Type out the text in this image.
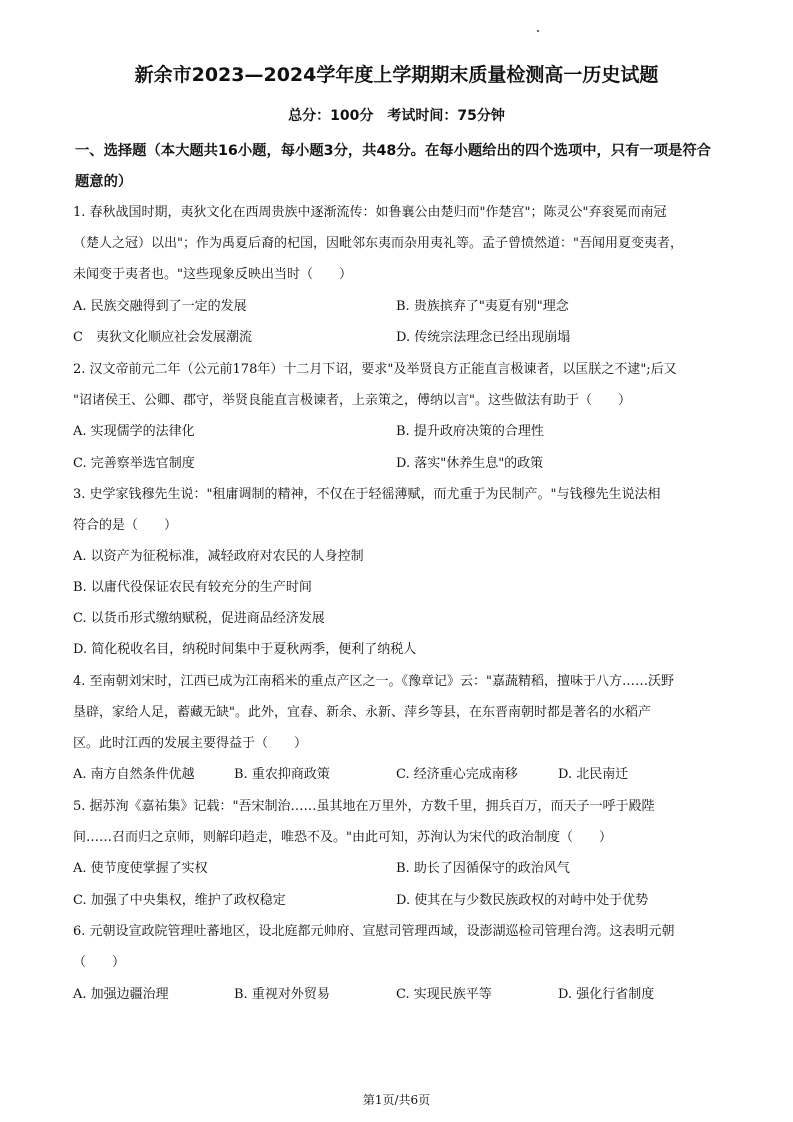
新余市2023—2024学年度上学期期末质量检测高一历史试题
总分：100分 考试时间：75分钟
一、选择题（本大题共16小题，每小题3分，共48分。在每小题给出的四个选项中，只有一项是符合题意的）
1. 春秋战国时期，夷狄文化在西周贵族中逐渐流传：如鲁襄公由楚归而"作楚宫"；陈灵公"弃衮冕而南冠
（楚人之冠）以出"；作为禹夏后裔的杞国，因毗邻东夷而杂用夷礼等。孟子曾愤然道："吾闻用夏变夷者，
未闻变于夷者也。"这些现象反映出当时（　　）
A. 民族交融得到了一定的发展	B. 贵族摈弃了"夷夏有别"理念
C　夷狄文化顺应社会发展潮流	D. 传统宗法理念已经出现崩塌
2. 汉文帝前元二年（公元前178年）十二月下诏，要求"及举贤良方正能直言极谏者，以匡朕之不逮";后又
"诏诸侯王、公卿、郡守，举贤良能直言极谏者，上亲策之，傅纳以言"。这些做法有助于（　　）
A. 实现儒学的法律化	B. 提升政府决策的合理性
C. 完善察举选官制度	D. 落实"休养生息"的政策
3. 史学家钱穆先生说："租庸调制的精神，不仅在于轻徭薄赋，而尤重于为民制产。"与钱穆先生说法相
符合的是（　　）
A. 以资产为征税标准，减轻政府对农民的人身控制
B. 以庸代役保证农民有较充分的生产时间
C. 以货币形式缴纳赋税，促进商品经济发展
D. 简化税收名目，纳税时间集中于夏秋两季，便利了纳税人
4. 至南朝刘宋时，江西已成为江南稻米的重点产区之一。《豫章记》云："嘉蔬精稻，擅味于八方……沃野
垦辟，家给人足，蓄藏无缺"。此外，宜春、新余、永新、萍乡等县，在东晋南朝时都是著名的水稻产
区。此时江西的发展主要得益于（　　）
A. 南方自然条件优越	B. 重农抑商政策	C. 经济重心完成南移	D. 北民南迁
5. 据苏洵《嘉祐集》记载："吾宋制治……虽其地在万里外，方数千里，拥兵百万，而天子一呼于殿陛
间……召而归之京师，则解印趋走，唯恐不及。"由此可知，苏洵认为宋代的政治制度（　　）
A. 使节度使掌握了实权	B. 助长了因循保守的政治风气
C. 加强了中央集权，维护了政权稳定	D. 使其在与少数民族政权的对峙中处于优势
6. 元朝设宣政院管理吐蕃地区，设北庭都元帅府、宣慰司管理西域，设澎湖巡检司管理台湾。这表明元朝
（　　）
A. 加强边疆治理	B. 重视对外贸易	C. 实现民族平等	D. 强化行省制度
第1页/共6页
